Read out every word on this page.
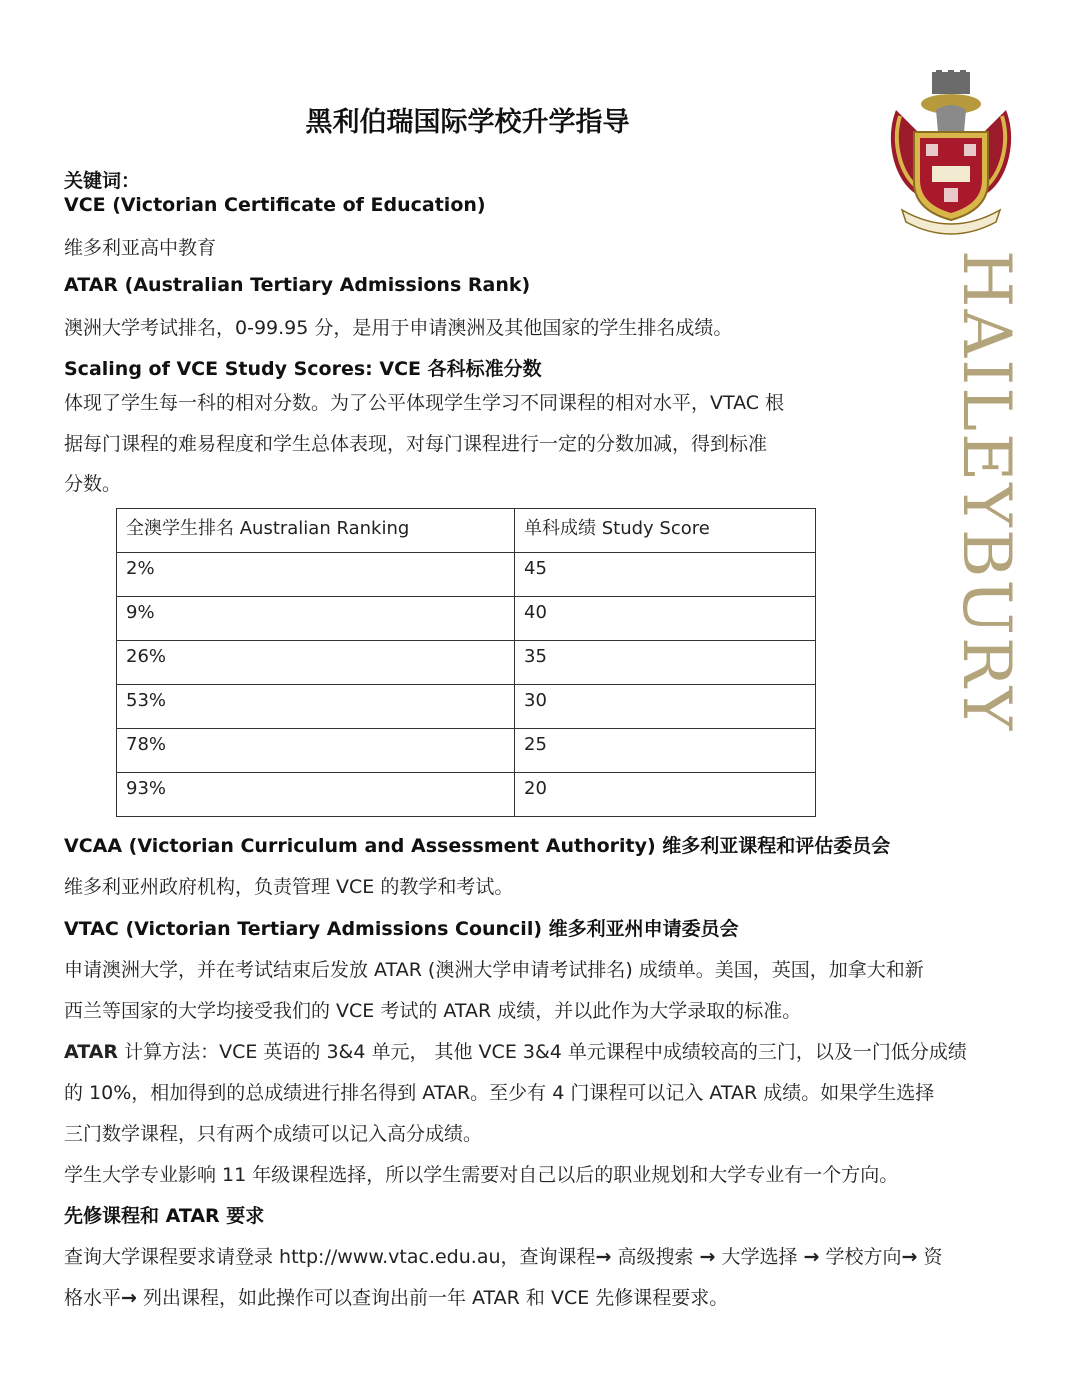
黑利伯瑞国际学校升学指导
HAILEYBURY
关键词：
VCE (Victorian Certificate of Education)
维多利亚高中教育
ATAR (Australian Tertiary Admissions Rank)
澳洲大学考试排名，0-99.95 分，是用于申请澳洲及其他国家的学生排名成绩。
Scaling of VCE Study Scores: VCE 各科标准分数
体现了学生每一科的相对分数。为了公平体现学生学习不同课程的相对水平，VTAC 根
据每门课程的难易程度和学生总体表现，对每门课程进行一定的分数加减，得到标准
分数。
全澳学生排名 Australian Ranking	单科成绩 Study Score
2%	45
9%	40
26%	35
53%	30
78%	25
93%	20
VCAA (Victorian Curriculum and Assessment Authority) 维多利亚课程和评估委员会
维多利亚州政府机构，负责管理 VCE 的教学和考试。
VTAC (Victorian Tertiary Admissions Council) 维多利亚州申请委员会
申请澳洲大学，并在考试结束后发放 ATAR (澳洲大学申请考试排名) 成绩单。美国，英国，加拿大和新
西兰等国家的大学均接受我们的 VCE 考试的 ATAR 成绩，并以此作为大学录取的标准。
ATAR 计算方法：VCE 英语的 3&4 单元， 其他 VCE 3&4 单元课程中成绩较高的三门，以及一门低分成绩
的 10%，相加得到的总成绩进行排名得到 ATAR。至少有 4 门课程可以记入 ATAR 成绩。如果学生选择
三门数学课程，只有两个成绩可以记入高分成绩。
学生大学专业影响 11 年级课程选择，所以学生需要对自己以后的职业规划和大学专业有一个方向。
先修课程和 ATAR 要求
查询大学课程要求请登录 http://www.vtac.edu.au，查询课程→ 高级搜索 → 大学选择 → 学校方向→ 资
格水平→ 列出课程，如此操作可以查询出前一年 ATAR 和 VCE 先修课程要求。
